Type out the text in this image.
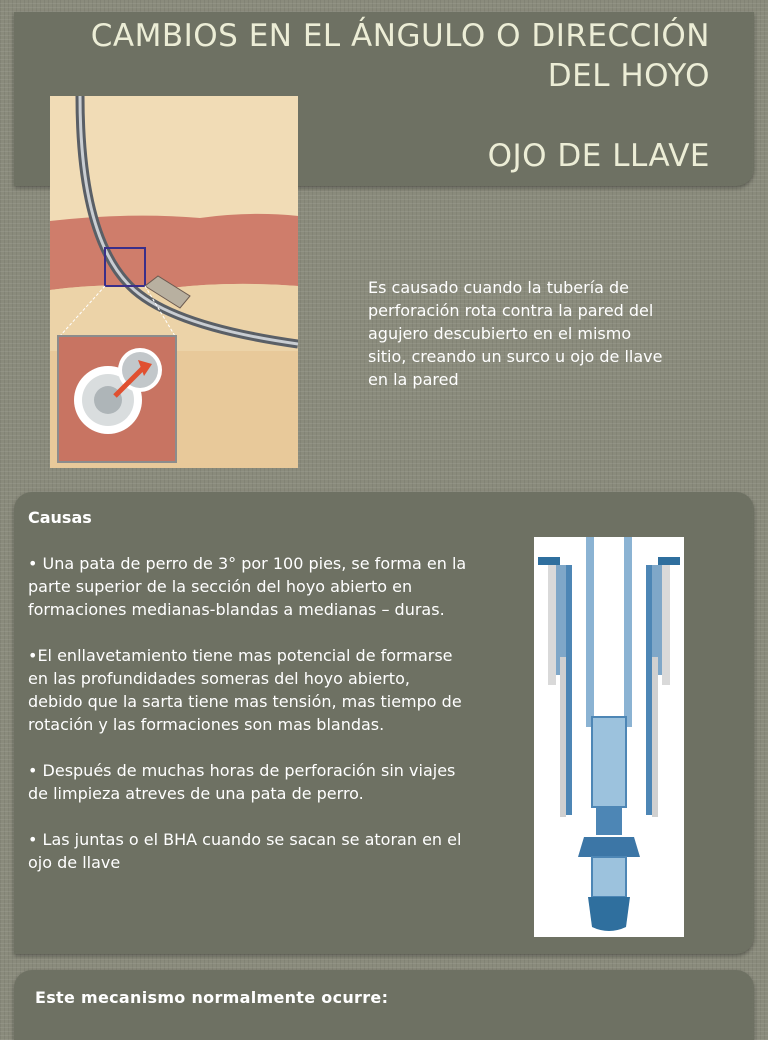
CAMBIOS EN EL ÁNGULO O DIRECCIÓN
DEL HOYO
OJO DE LLAVE

Es causado cuando la tubería de perforación rota contra la pared del agujero descubierto en el mismo sitio, creando un surco u ojo de llave en la pared

Causas

• Una pata de perro de 3° por 100 pies, se forma en la parte superior de la sección del hoyo abierto en formaciones medianas-blandas a medianas – duras.

•El enllavetamiento tiene mas potencial de formarse en las profundidades someras del hoyo abierto, debido que la sarta tiene mas tensión, mas tiempo de rotación y las formaciones son mas blandas.

• Después de muchas horas de perforación sin viajes de limpieza atreves de una pata de perro.

• Las juntas o el BHA cuando se sacan se atoran en el ojo de llave

Este mecanismo normalmente ocurre:
